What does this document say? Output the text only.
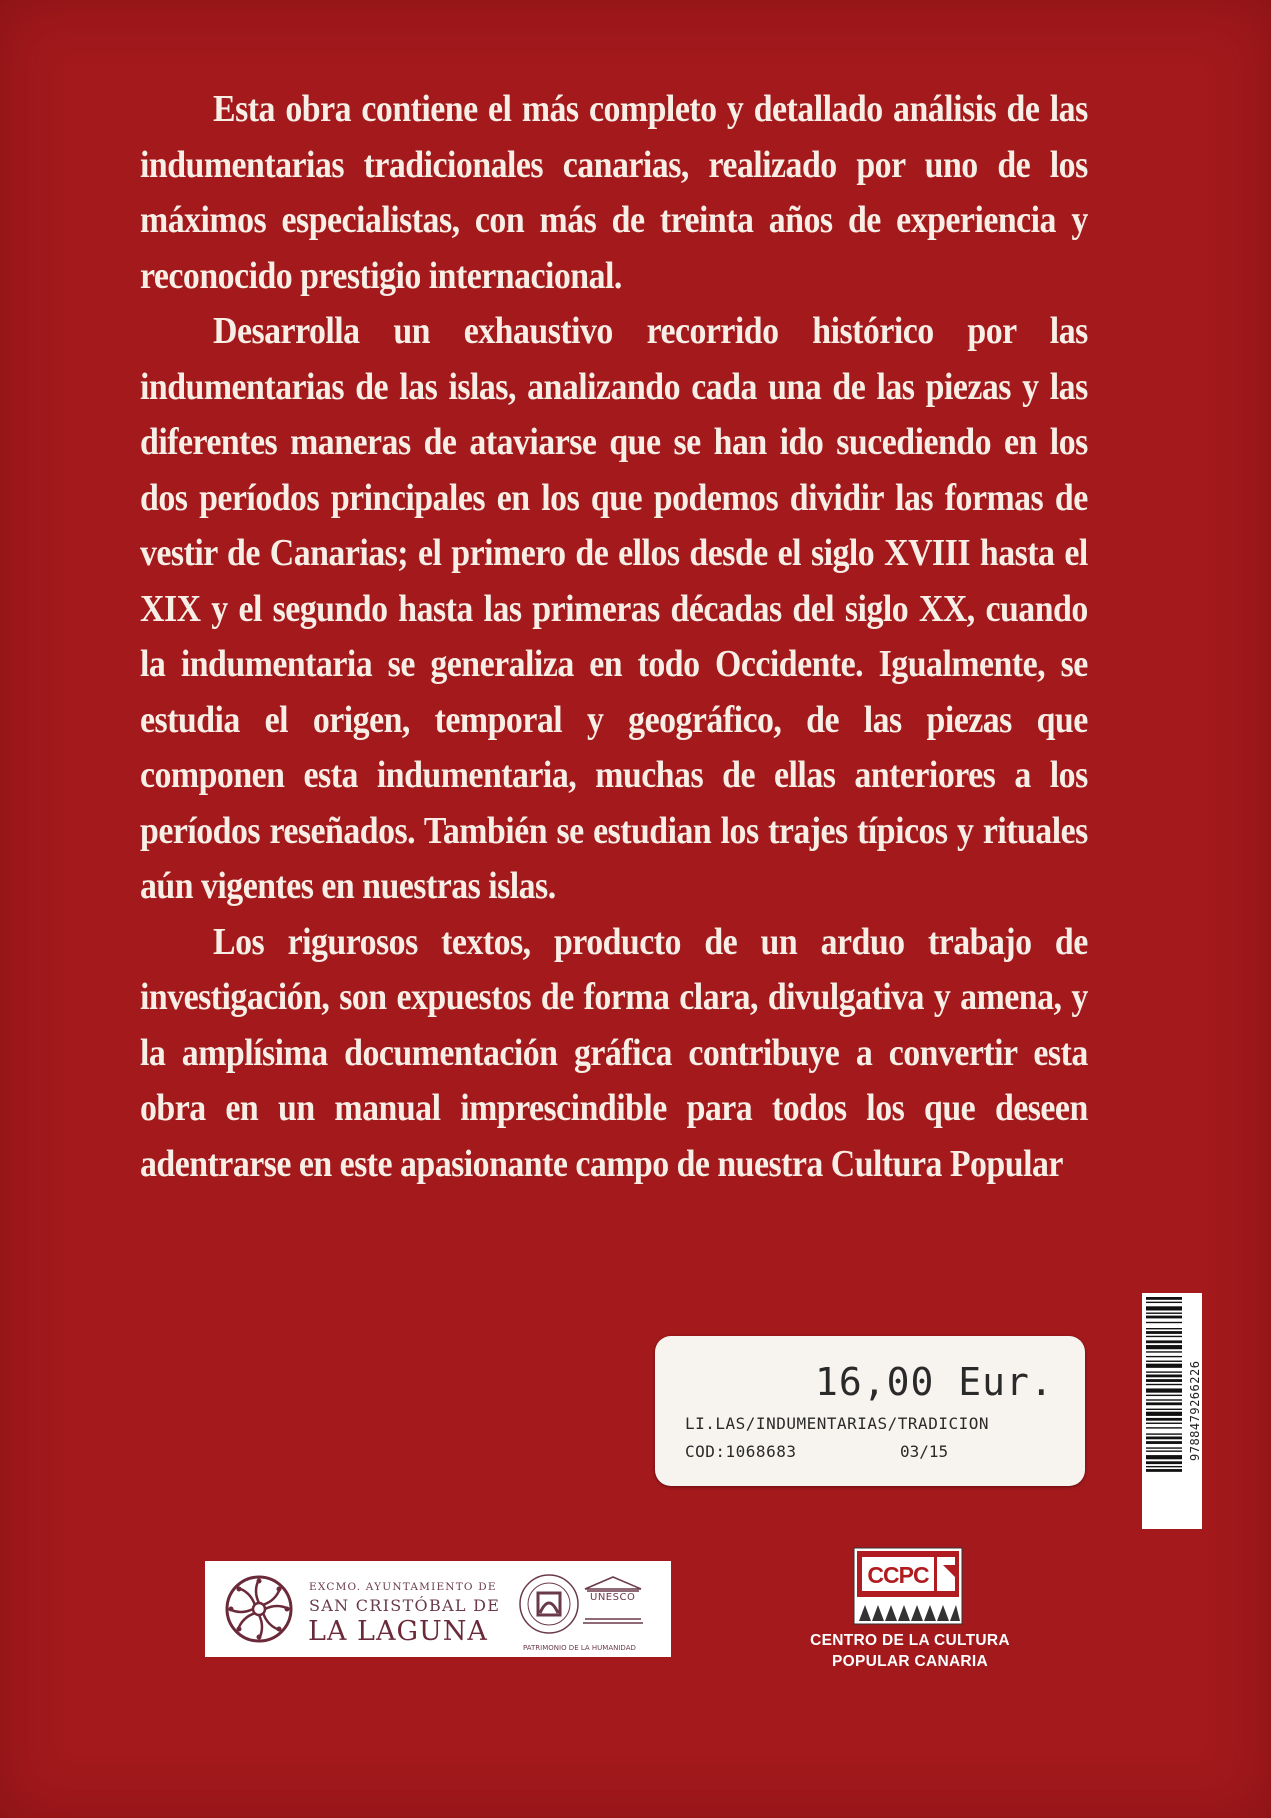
Esta obra contiene el más completo y detallado análisis de las indumentarias tradicionales canarias, realizado por uno de los máximos especialistas, con más de treinta años de experiencia y reconocido prestigio internacional.

Desarrolla un exhaustivo recorrido histórico por las indumentarias de las islas, analizando cada una de las piezas y las diferentes maneras de ataviarse que se han ido sucediendo en los dos períodos principales en los que podemos dividir las formas de vestir de Canarias; el primero de ellos desde el siglo XVIII hasta el XIX y el segundo hasta las primeras décadas del siglo XX, cuando la indumentaria se generaliza en todo Occidente. Igualmente, se estudia el origen, temporal y geográfico, de las piezas que componen esta indumentaria, muchas de ellas anteriores a los períodos reseñados. También se estudian los trajes típicos y rituales aún vigentes en nuestras islas.

Los rigurosos textos, producto de un arduo trabajo de investigación, son expuestos de forma clara, divulgativa y amena, y la amplísima documentación gráfica contribuye a convertir esta obra en un manual imprescindible para todos los que deseen adentrarse en este apasionante campo de nuestra Cultura Popular

9788479266226
16,00 Eur.
LI.LAS/INDUMENTARIAS/TRADICION
COD:1068683	03/15
EXCMO. AYUNTAMIENTO DE
SAN CRISTÓBAL DE
LA LAGUNA
UNESCO
PATRIMONIO DE LA HUMANIDAD
CCPC
CENTRO DE LA CULTURA
POPULAR CANARIA
